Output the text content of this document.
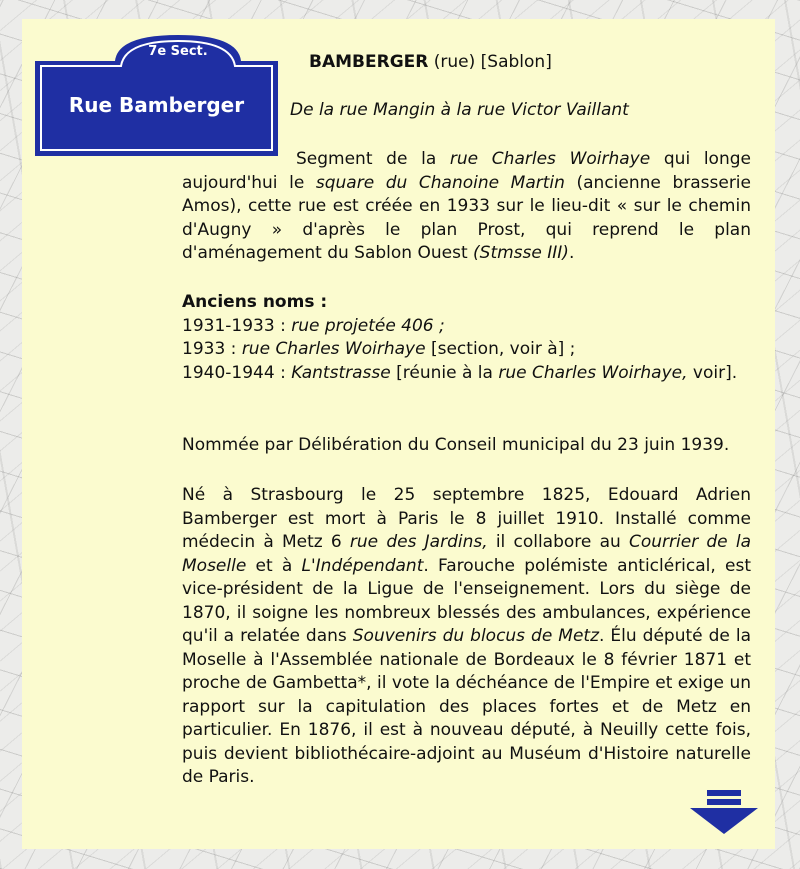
7e Sect.
Rue Bamberger
BAMBERGER (rue) [Sablon]
De la rue Mangin à la rue Victor Vaillant

Segment de la rue Charles Woirhaye qui longe aujourd'hui le square du Chanoine Martin (ancienne brasserie Amos), cette rue est créée en 1933 sur le lieu-dit « sur le chemin d'Augny » d'après le plan Prost, qui reprend le plan d'aménagement du Sablon Ouest (Stmsse III).

Anciens noms :
1931-1933 : rue projetée 406 ;
1933 : rue Charles Woirhaye [section, voir à] ;
1940-1944 : Kantstrasse [réunie à la rue Charles Woirhaye, voir].

Nommée par Délibération du Conseil municipal du 23 juin 1939.

Né à Strasbourg le 25 septembre 1825, Edouard Adrien Bamberger est mort à Paris le 8 juillet 1910. Installé comme médecin à Metz 6 rue des Jardins, il collabore au Courrier de la Moselle et à L'Indépendant. Farouche polémiste anticlérical, est vice-président de la Ligue de l'enseignement. Lors du siège de 1870, il soigne les nombreux blessés des ambulances, expérience qu'il a relatée dans Souvenirs du blocus de Metz. Élu député de la Moselle à l'Assemblée nationale de Bordeaux le 8 février 1871 et proche de Gambetta*, il vote la déchéance de l'Empire et exige un rapport sur la capitulation des places fortes et de Metz en particulier. En 1876, il est à nouveau député, à Neuilly cette fois, puis devient bibliothécaire-adjoint au Muséum d'Histoire naturelle de Paris.
